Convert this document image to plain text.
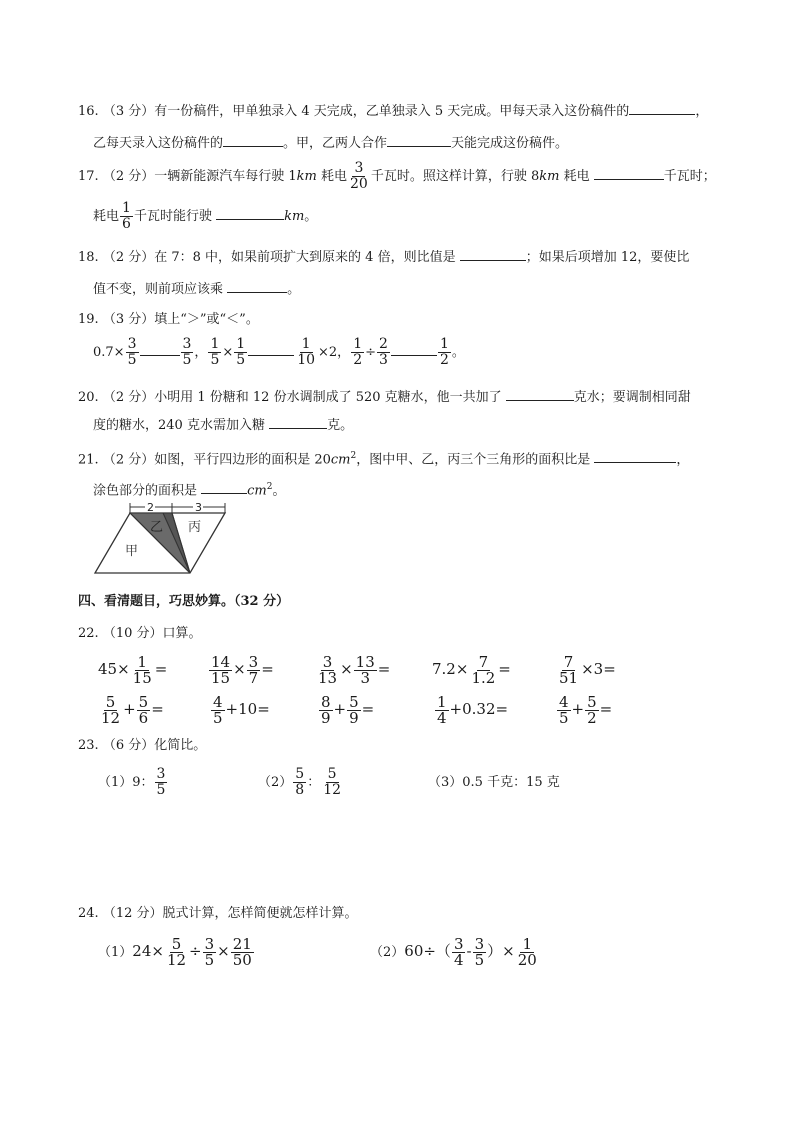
16. （3 分）有一份稿件，甲单独录入 4 天完成，乙单独录入 5 天完成。甲每天录入这份稿件的	，
乙每天录入这份稿件的	。甲，乙两人合作	天能完成这份稿件。
17. （2 分）一辆新能源汽车每行驶 1km 耗电 $\frac{3}{20}$ 千瓦时。照这样计算，行驶 8km 耗电	千瓦时；
耗电 $\frac{1}{6}$ 千瓦时能行驶	km。
18. （2 分）在 7：8 中，如果前项扩大到原来的 4 倍，则比值是	；如果后项增加 12，要使比
值不变，则前项应该乘	。
19. （3 分）填上“＞”或“＜”。
$0.7\times \frac{3}{5}$	$\frac{3}{5}$ ， $\frac{1}{5} \times \frac{1}{5}$	$\frac{1}{10} \times 2$， $\frac{1}{2} \div \frac{2}{3}$	$\frac{1}{2}$ 。
20. （2 分）小明用 1 份糖和 12 份水调制成了 520 克糖水，他一共加了	克水；要调制相同甜
度的糖水，240 克水需加入糖	克。
21. （2 分）如图，平行四边形的面积是 $20cm^2$，图中甲、乙，丙三个三角形的面积比是	，
涂色部分的面积是	$cm^2$。
2	3
甲
乙 丙
四、看清题目，巧思妙算。（32 分）
22. （10 分）口算。
$45\times \frac{1}{15}$ =	$\frac{14}{15} \times \frac{3}{7}$ =	$\frac{3}{13} \times \frac{13}{3}$ =	$7.2\times \frac{7}{1.2}$ =	$\frac{7}{51} \times 3=$
$\frac{5}{12} + \frac{5}{6}$ =	$\frac{4}{5} +10=$	$\frac{8}{9} + \frac{5}{9}$ =	$\frac{1}{4} +0.32=$	$\frac{4}{5} + \frac{5}{2}$ =
23. （6 分）化简比。
（1）9： $\frac{3}{5}$	$(2) \frac{5}{8}$ ： $\frac{5}{12}$	（3）0.5 千克：15 克
24. （12 分）脱式计算，怎样简便就怎样计算。
$(1)24\times \frac{5}{12} \div \frac{3}{5} \times \frac{21}{50}$	$(2)60\div( \frac{3}{4} - \frac{3}{5}$ ）× $\frac{1}{20}$
